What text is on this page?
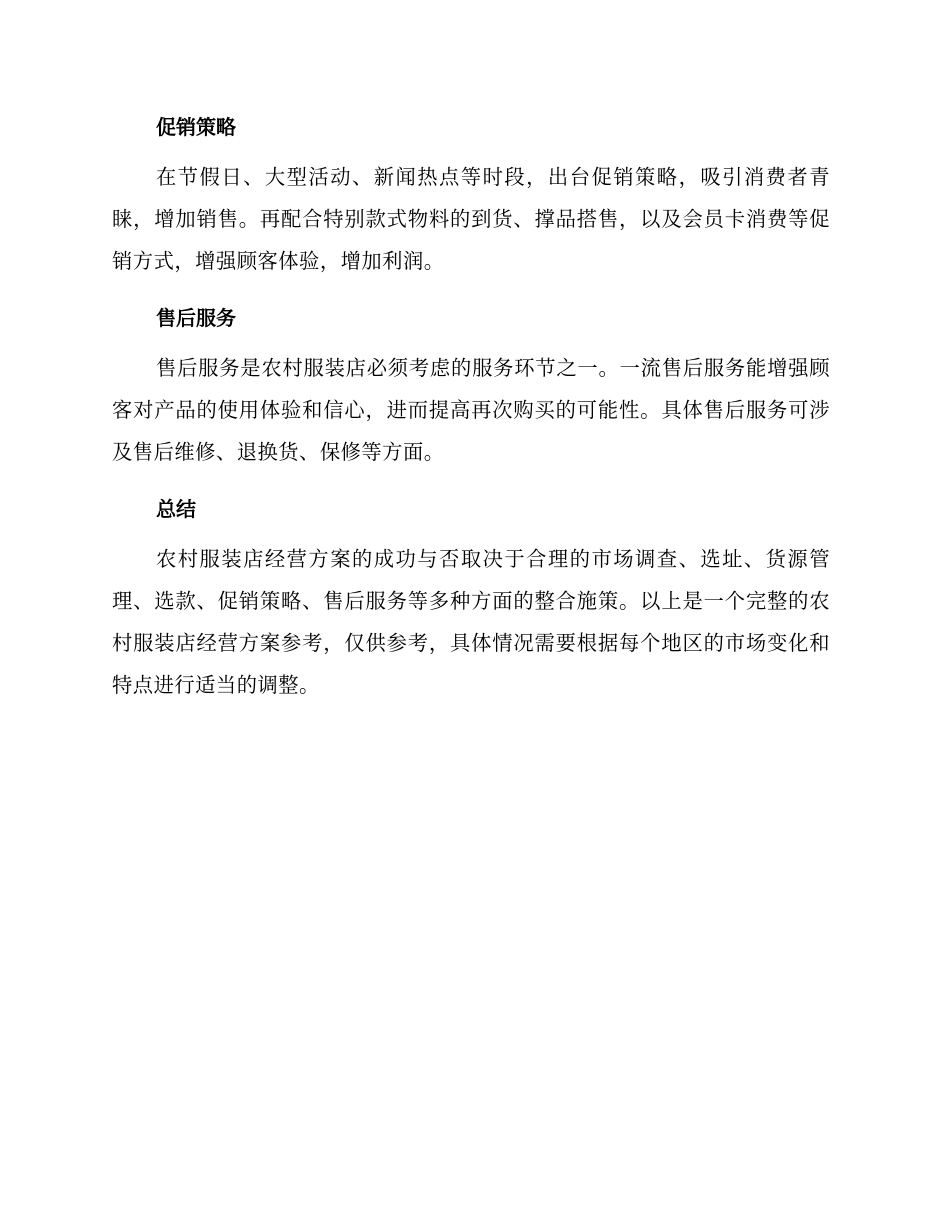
促销策略

在节假日、大型活动、新闻热点等时段，出台促销策略，吸引消费者青睐，增加销售。再配合特别款式物料的到货、撑品搭售，以及会员卡消费等促销方式，增强顾客体验，增加利润。

售后服务

售后服务是农村服装店必须考虑的服务环节之一。一流售后服务能增强顾客对产品的使用体验和信心，进而提高再次购买的可能性。具体售后服务可涉及售后维修、退换货、保修等方面。

总结

农村服装店经营方案的成功与否取决于合理的市场调查、选址、货源管理、选款、促销策略、售后服务等多种方面的整合施策。以上是一个完整的农村服装店经营方案参考，仅供参考，具体情况需要根据每个地区的市场变化和特点进行适当的调整。
